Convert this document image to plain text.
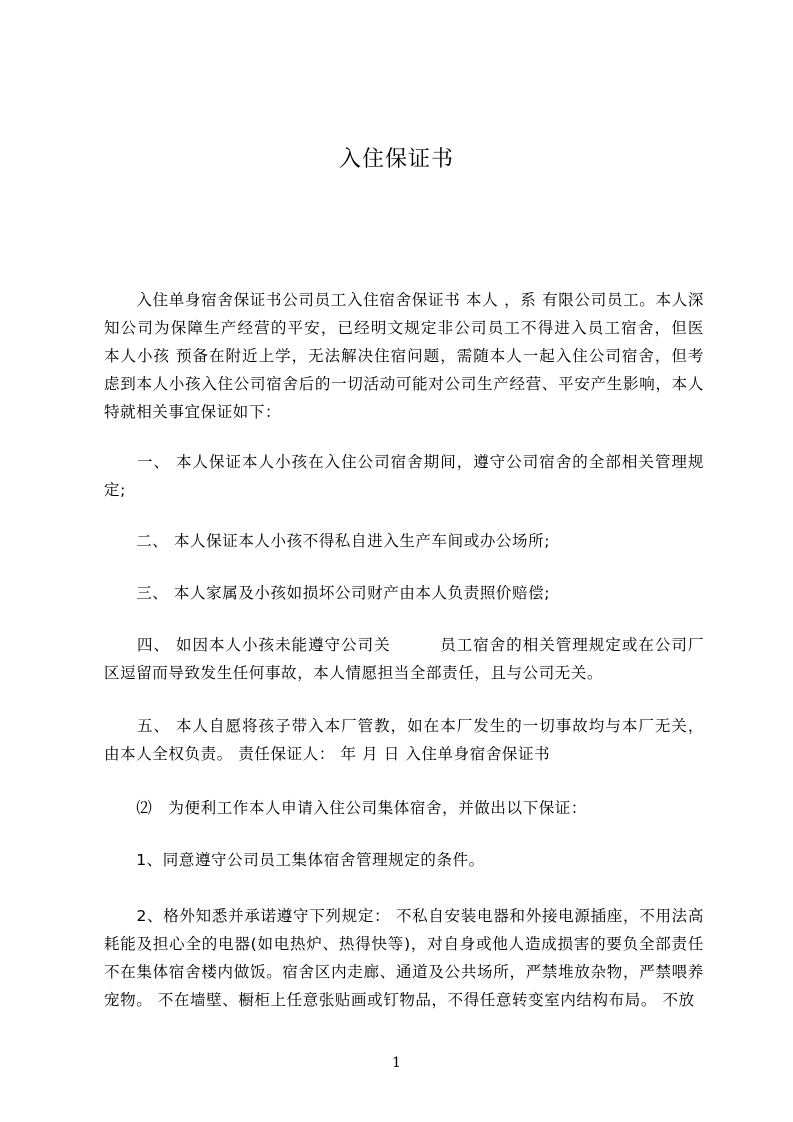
入住保证书

　　入住单身宿舍保证书公司员工入住宿舍保证书 本人 ，系 有限公司员工。本人深知公司为保障生产经营的平安，已经明文规定非公司员工不得进入员工宿舍，但医 本人小孩 预备在附近上学，无法解决住宿问题，需随本人一起入住公司宿舍，但考虑到本人小孩入住公司宿舍后的一切活动可能对公司生产经营、平安产生影响，本人特就相关事宜保证如下：

　　一、 本人保证本人小孩在入住公司宿舍期间，遵守公司宿舍的全部相关管理规定;

　　二、 本人保证本人小孩不得私自进入生产车间或办公场所;

　　三、 本人家属及小孩如损坏公司财产由本人负责照价赔偿;

　　四、 如因本人小孩未能遵守公司关　　　员工宿舍的相关管理规定或在公司厂区逗留而导致发生任何事故，本人情愿担当全部责任，且与公司无关。

　　五、 本人自愿将孩子带入本厂管教，如在本厂发生的一切事故均与本厂无关，由本人全权负责。 责任保证人： 年 月 日 入住单身宿舍保证书

　　⑵　为便利工作本人申请入住公司集体宿舍，并做出以下保证：

　　1、同意遵守公司员工集体宿舍管理规定的条件。

　　2、格外知悉并承诺遵守下列规定： 不私自安装电器和外接电源插座，不用法高耗能及担心全的电器(如电热炉、热得快等)，对自身或他人造成损害的要负全部责任 不在集体宿舍楼内做饭。宿舍区内走廊、通道及公共场所，严禁堆放杂物，严禁喂养宠物。 不在墙壁、橱柜上任意张贴画或钉物品，不得任意转变室内结构布局。 不放

1
